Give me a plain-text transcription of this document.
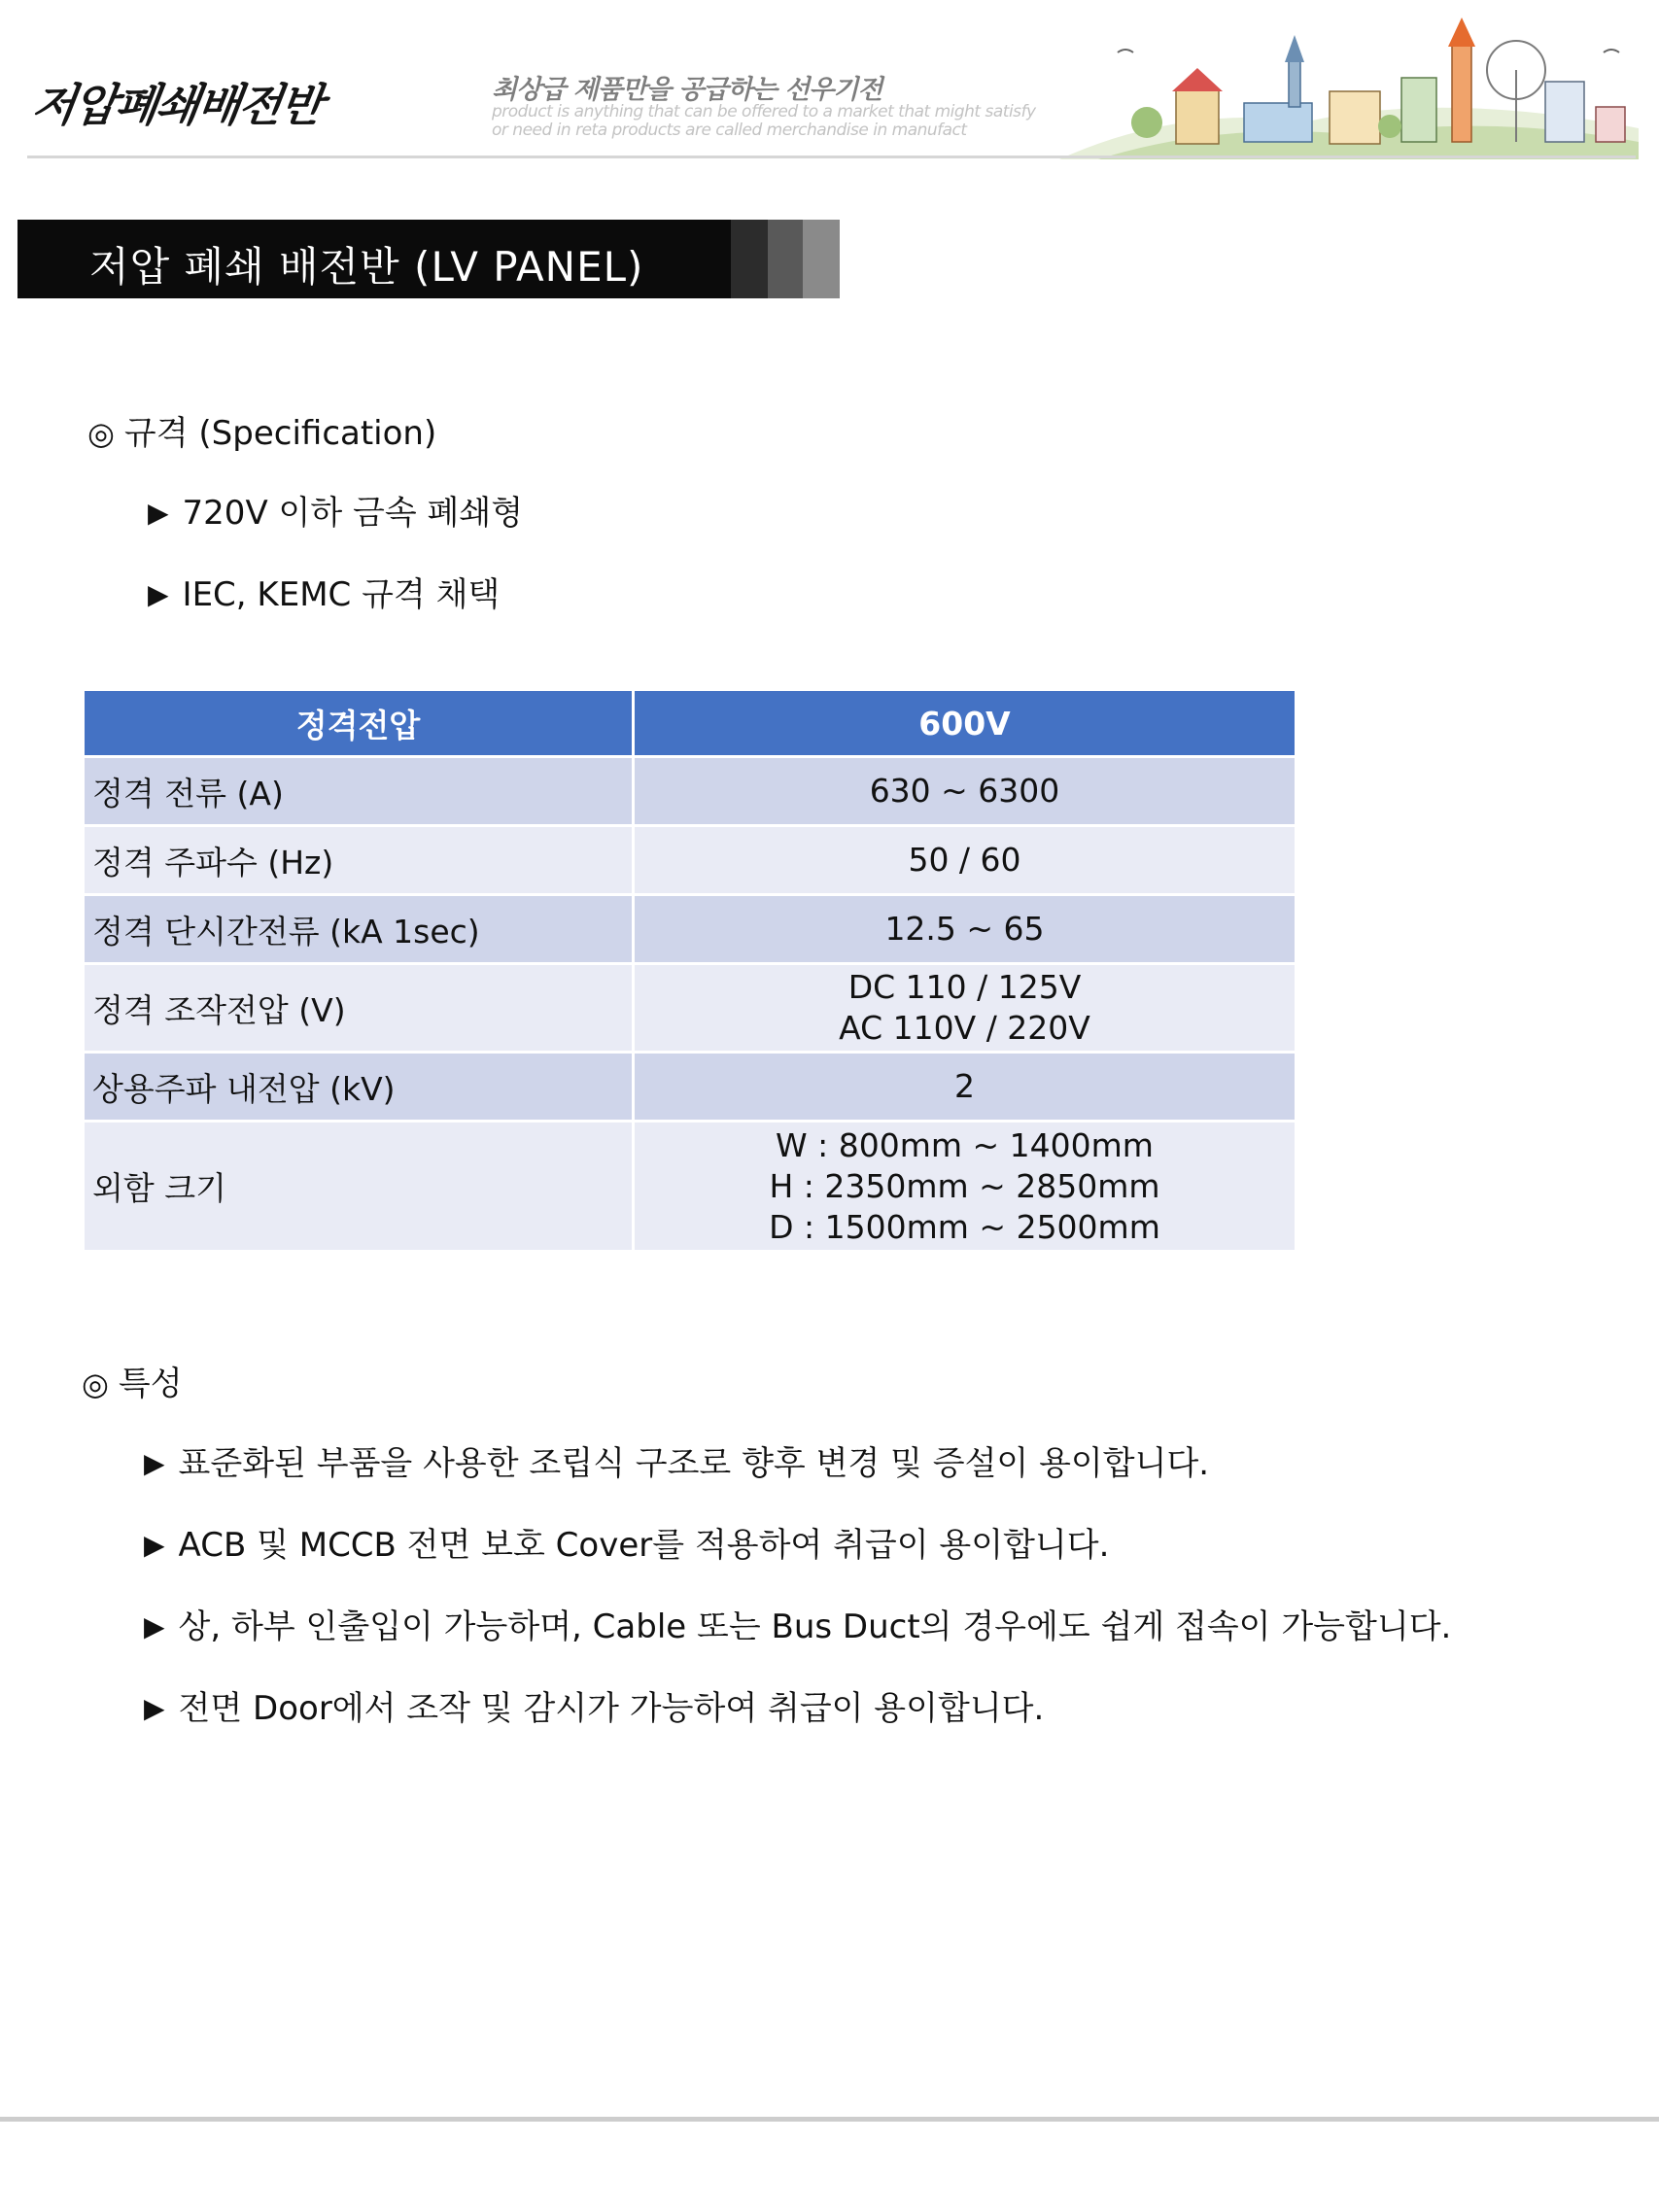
저압폐쇄배전반	최상급 제품만을 공급하는 선우기전
product is anything that can be offered to a market that might satisfy
or need in reta products are called merchandise in manufact
저압 폐쇄 배전반 (LV PANEL)
◎ 규격 (Specification)
▶ 720V 이하 금속 폐쇄형
▶ IEC, KEMC 규격 채택
정격전압	600V
정격 전류 (A)	630 ~ 6300

정격 주파수 (Hz)	50 / 60

정격 단시간전류 (kA 1sec)	12.5 ~ 65

정격 조작전압 (V)	DC 110 / 125V
AC 110V / 220V

상용주파 내전압 (kV)	2

외함 크기	W : 800mm ~ 1400mm
H : 2350mm ~ 2850mm
D : 1500mm ~ 2500mm
◎ 특성
▶ 표준화된 부품을 사용한 조립식 구조로 향후 변경 및 증설이 용이합니다.
▶ ACB 및 MCCB 전면 보호 Cover를 적용하여 취급이 용이합니다.
▶ 상, 하부 인출입이 가능하며, Cable 또는 Bus Duct의 경우에도 쉽게 접속이 가능합니다.
▶ 전면 Door에서 조작 및 감시가 가능하여 취급이 용이합니다.
